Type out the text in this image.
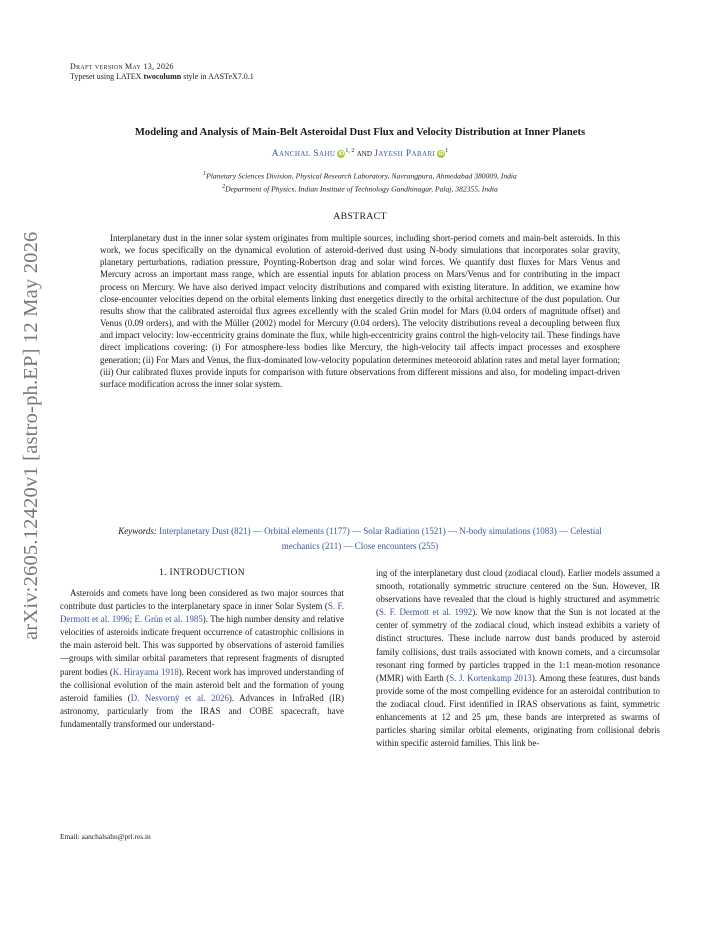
Draft version May 13, 2026
Typeset using LATEX twocolumn style in AASTeX7.0.1
arXiv:2605.12420v1 [astro-ph.EP] 12 May 2026
Modeling and Analysis of Main-Belt Asteroidal Dust Flux and Velocity Distribution at Inner Planets
Aanchal Sahu iD$^{1, 2}$ and Jayesh Pabari $iD^1$
$^1$Planetary Sciences Division, Physical Research Laboratory, Navrangpura, Ahmedabad 380009, India
$^2$Department of Physics, Indian Institute of Technology Gandhinagar, Palaj, 382355, India
ABSTRACT

Interplanetary dust in the inner solar system originates from multiple sources, including short-period comets and main-belt asteroids. In this work, we focus specifically on the dynamical evolution of asteroid-derived dust using N-body simulations that incorporates solar gravity, planetary perturbations, radiation pressure, Poynting-Robertson drag and solar wind forces. We quantify dust fluxes for Mars Venus and Mercury across an important mass range, which are essential inputs for ablation process on Mars/Venus and for contributing in the impact process on Mercury. We have also derived impact velocity distributions and compared with existing literature. In addition, we examine how close-encounter velocities depend on the orbital elements linking dust energetics directly to the orbital architecture of the dust population. Our results show that the calibrated asteroidal flux agrees excellently with the scaled Grün model for Mars (0.04 orders of magnitude offset) and Venus (0.09 orders), and with the Müller (2002) model for Mercury (0.04 orders). The velocity distributions reveal a decoupling between flux and impact velocity: low-eccentricity grains dominate the flux, while high-eccentricity grains control the high-velocity tail. These findings have direct implications covering: (i) For atmosphere-less bodies like Mercury, the high-velocity tail affects impact processes and exosphere generation; (ii) For Mars and Venus, the flux-dominated low-velocity population determines meteoroid ablation rates and metal layer formation; (iii) Our calibrated fluxes provide inputs for comparison with future observations from different missions and also, for modeling impact-driven surface modification across the inner solar system.

Keywords: Interplanetary Dust (821) — Orbital elements (1177) — Solar Radiation (1521) — N-body simulations (1083) — Celestial mechanics (211) — Close encounters (255)
1. INTRODUCTION

Asteroids and comets have long been considered as two major sources that contribute dust particles to the interplanetary space in inner Solar System (S. F. Dermott et al. 1996; E. Grün et al. 1985). The high number density and relative velocities of asteroids indicate frequent occurrence of catastrophic collisions in the main asteroid belt. This was supported by observations of asteroid families—groups with similar orbital parameters that represent fragments of disrupted parent bodies (K. Hirayama 1918). Recent work has improved understanding of the collisional evolution of the main asteroid belt and the formation of young asteroid families (D. Nesvorný et al. 2026). Advances in InfraRed (IR) astronomy, particularly from the IRAS and COBE spacecraft, have fundamentally transformed our understand-

ing of the interplanetary dust cloud (zodiacal cloud). Earlier models assumed a smooth, rotationally symmetric structure centered on the Sun. However, IR observations have revealed that the cloud is highly structured and asymmetric (S. F. Dermott et al. 1992). We now know that the Sun is not located at the center of symmetry of the zodiacal cloud, which instead exhibits a variety of distinct structures. These include narrow dust bands produced by asteroid family collisions, dust trails associated with known comets, and a circumsolar resonant ring formed by particles trapped in the 1:1 mean-motion resonance (MMR) with Earth (S. J. Kortenkamp 2013). Among these features, dust bands provide some of the most compelling evidence for an asteroidal contribution to the zodiacal cloud. First identified in IRAS observations as faint, symmetric enhancements at 12 and 25 μm, these bands are interpreted as swarms of particles sharing similar orbital elements, originating from collisional debris within specific asteroid families. This link be-

Email: aanchalsahu@prl.res.in
